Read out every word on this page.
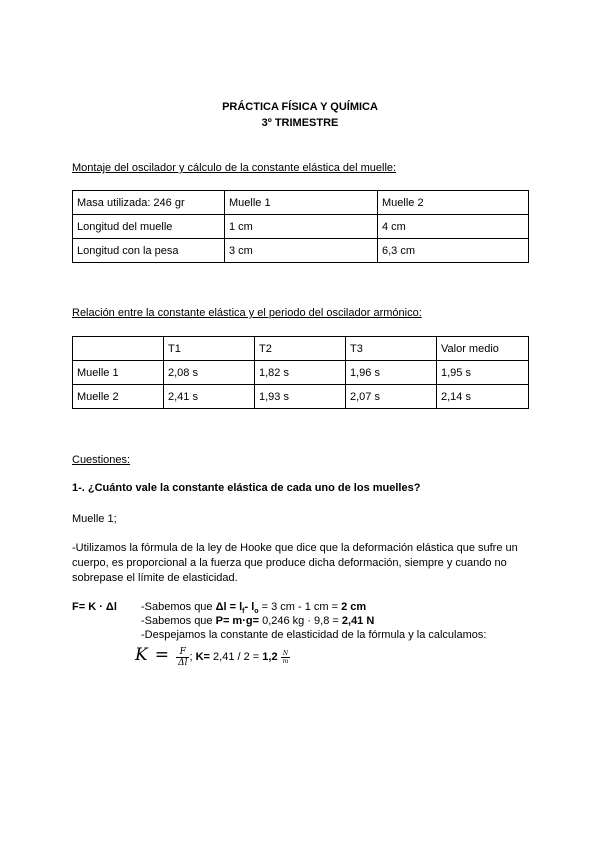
PRÁCTICA FÍSICA Y QUÍMICA
3º TRIMESTRE
Montaje del oscilador y cálculo de la constante elástica del muelle:
Masa utilizada: 246 gr	Muelle 1	Muelle 2
Longitud del muelle	1 cm	4 cm
Longitud con la pesa	3 cm	6,3 cm
Relación entre la constante elástica y el periodo del oscilador armónico:
	T1	T2	T3	Valor medio
Muelle 1	2,08 s	1,82 s	1,96 s	1,95 s
Muelle 2	2,41 s	1,93 s	2,07 s	2,14 s
Cuestiones:
1-. ¿Cuánto vale la constante elástica de cada uno de los muelles?
Muelle 1;
-Utilizamos la fórmula de la ley de Hooke que dice que la deformación elástica que sufre un cuerpo, es proporcional a la fuerza que produce dicha deformación, siempre y cuando no sobrepase el límite de elasticidad.
F= K · Δl -Sabemos que $\Delta l = l_f-$ $l_o = 3$ cm - 1 cm = 2 cm
-Sabemos que P= m·g= 0,246 kg · 9,8 = 2,41 N
-Despejamos la constante de elasticidad de la fórmula y la calculamos:
$K = \frac{F}{\Delta l}$ ; $K= 2,41 / 2 = 1,2 \frac{N}{m}$
